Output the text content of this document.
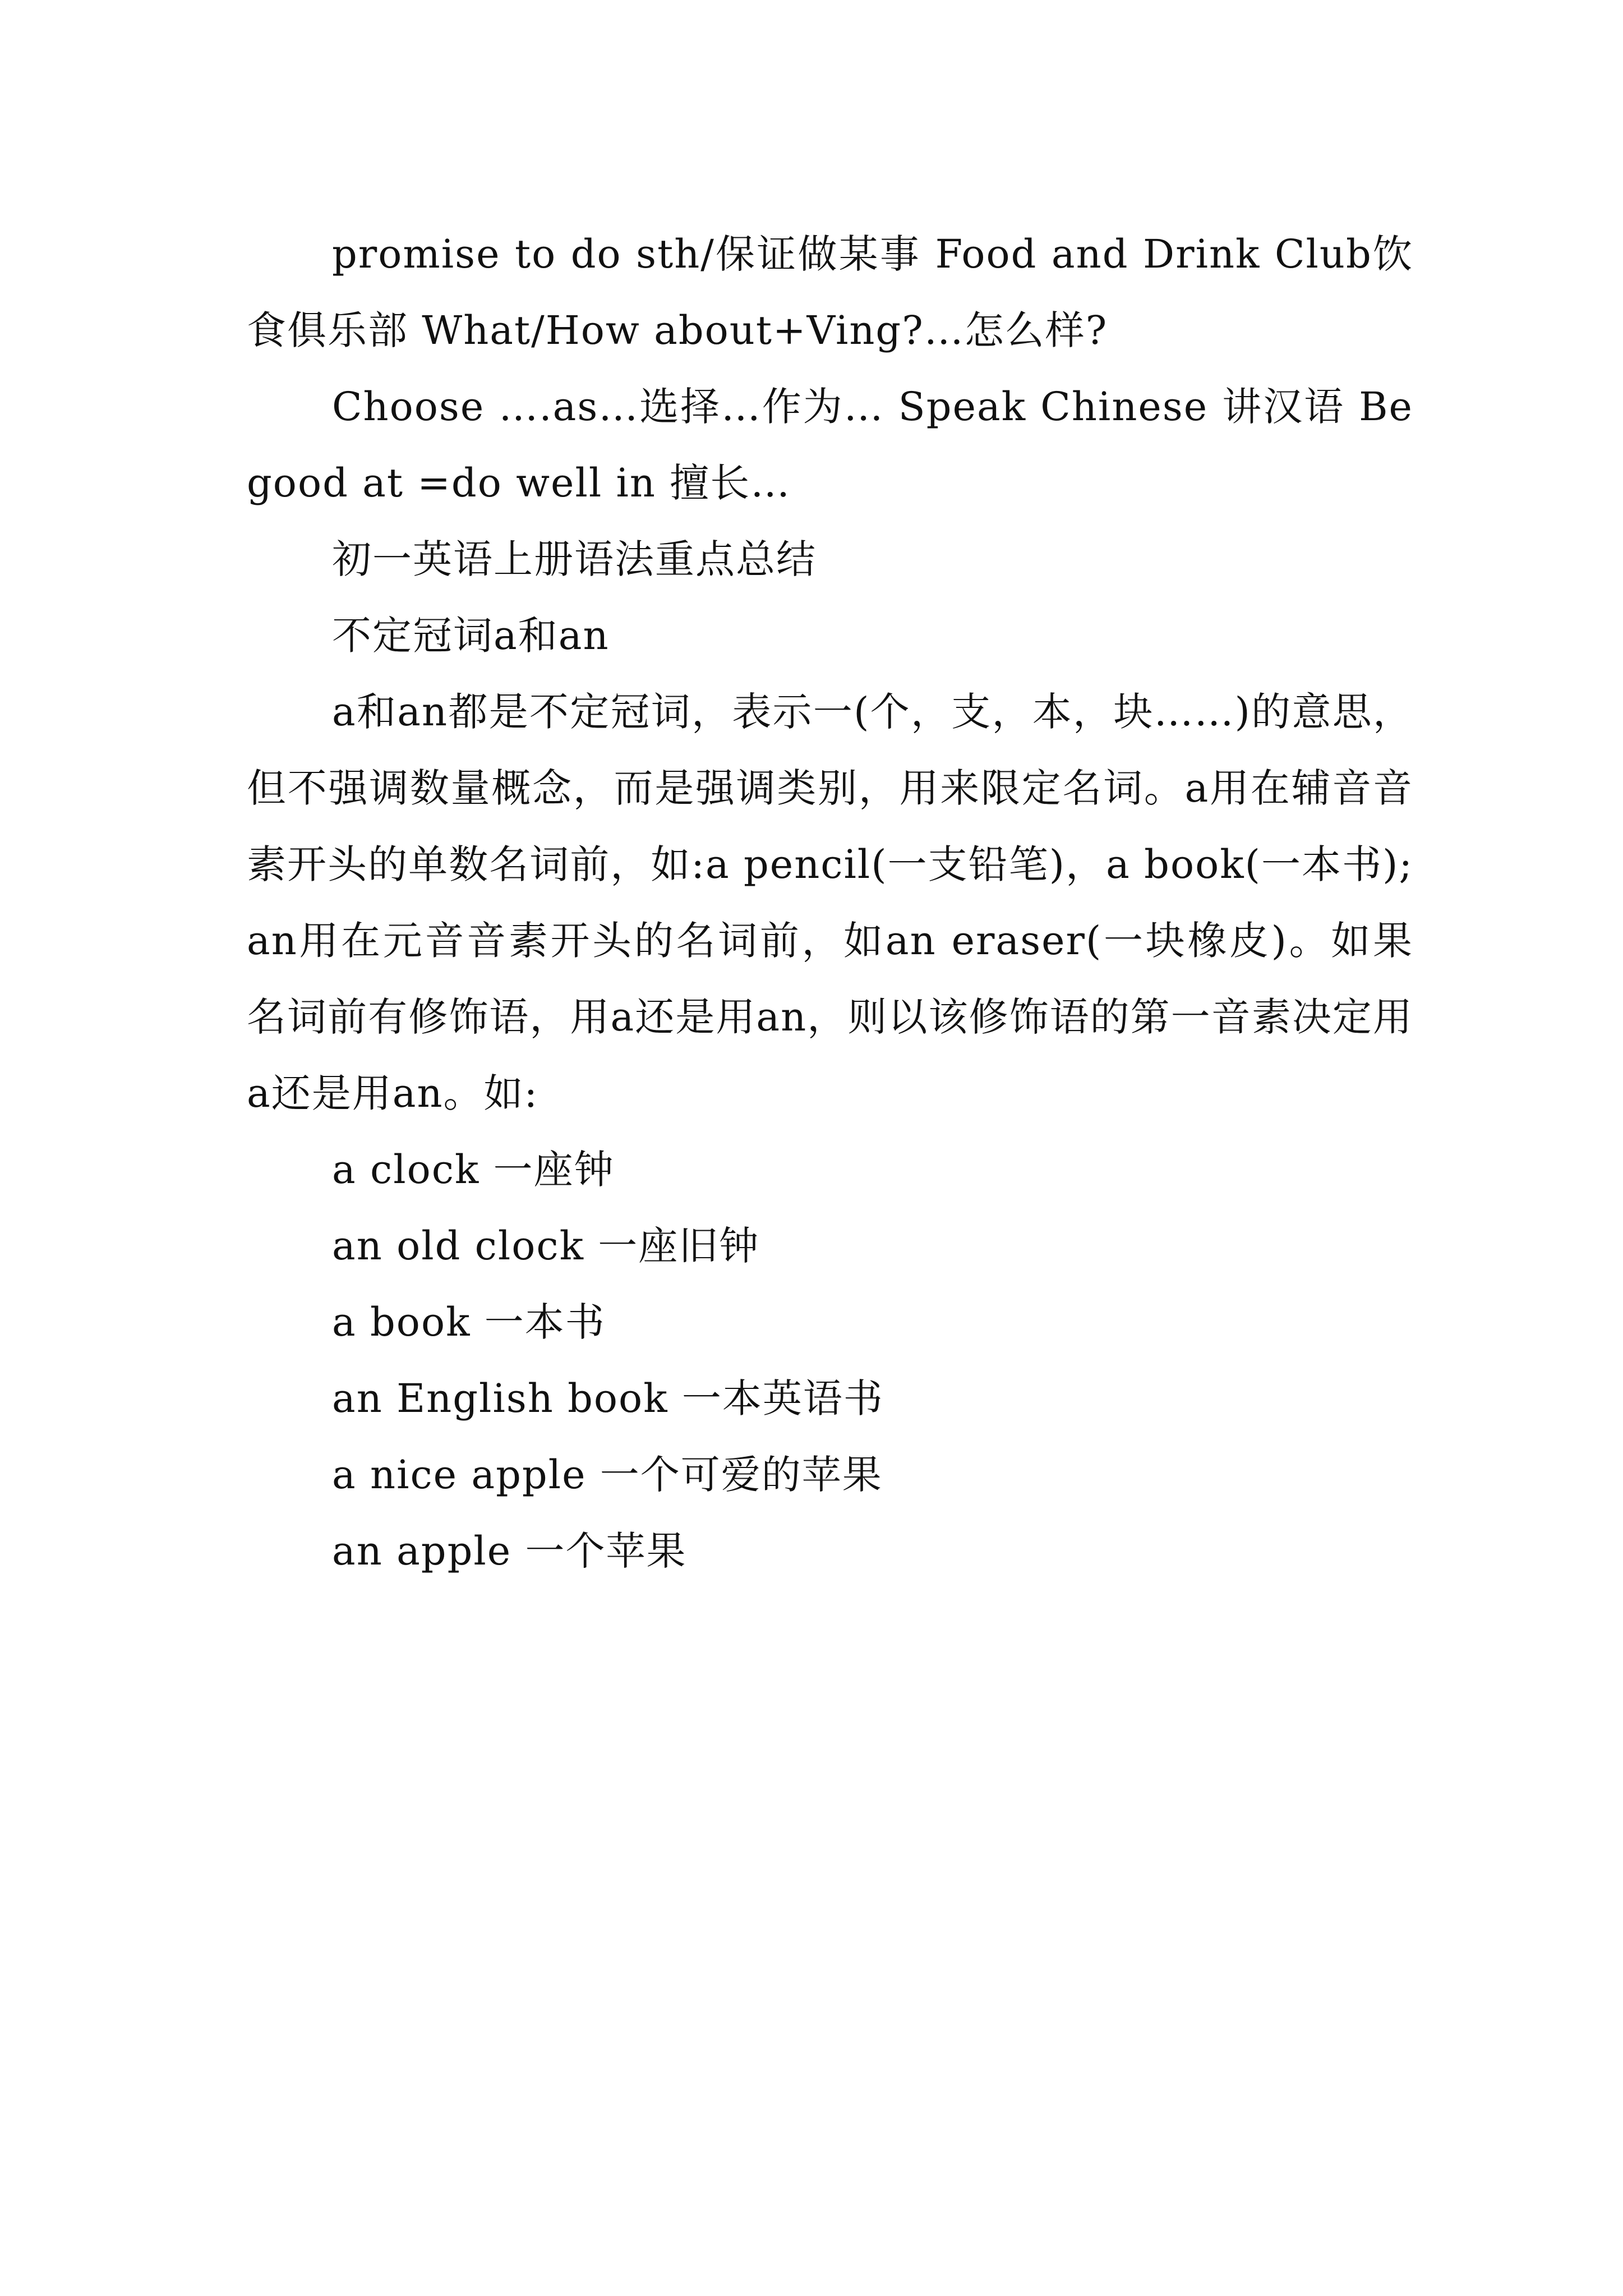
promise to do sth/保证做某事 Food and Drink Club饮食俱乐部 What/How about+Ving?…怎么样?

Choose ….as…选择…作为… Speak Chinese 讲汉语 Be good at =do well in 擅长…

初一英语上册语法重点总结

不定冠词a和an

a和an都是不定冠词，表示一(个，支，本，块……)的意思，但不强调数量概念，而是强调类别，用来限定名词。a用在辅音音素开头的单数名词前，如:a pencil(一支铅笔)，a book(一本书);an用在元音音素开头的名词前，如an eraser(一块橡皮)。如果名词前有修饰语，用a还是用an，则以该修饰语的第一音素决定用a还是用an。如:

a clock 一座钟

an old clock 一座旧钟

a book 一本书

an English book 一本英语书

a nice apple 一个可爱的苹果

an apple 一个苹果
